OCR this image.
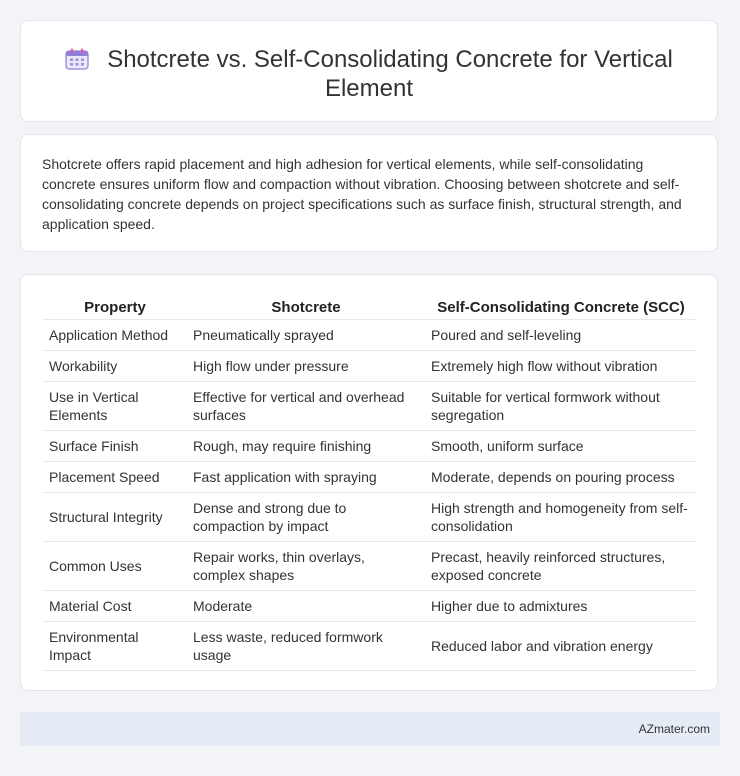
Shotcrete vs. Self-Consolidating Concrete for Vertical Element

Shotcrete offers rapid placement and high adhesion for vertical elements, while self-consolidating concrete ensures uniform flow and compaction without vibration. Choosing between shotcrete and self-consolidating concrete depends on project specifications such as surface finish, structural strength, and application speed.

Property	Shotcrete	Self-Consolidating Concrete (SCC)
Application Method	Pneumatically sprayed	Poured and self-leveling
Workability	High flow under pressure	Extremely high flow without vibration
Use in Vertical Elements	Effective for vertical and overhead surfaces	Suitable for vertical formwork without segregation
Surface Finish	Rough, may require finishing	Smooth, uniform surface
Placement Speed	Fast application with spraying	Moderate, depends on pouring process
Structural Integrity	Dense and strong due to compaction by impact	High strength and homogeneity from self-consolidation
Common Uses	Repair works, thin overlays, complex shapes	Precast, heavily reinforced structures, exposed concrete
Material Cost	Moderate	Higher due to admixtures
Environmental Impact	Less waste, reduced formwork usage	Reduced labor and vibration energy
AZmater.com
